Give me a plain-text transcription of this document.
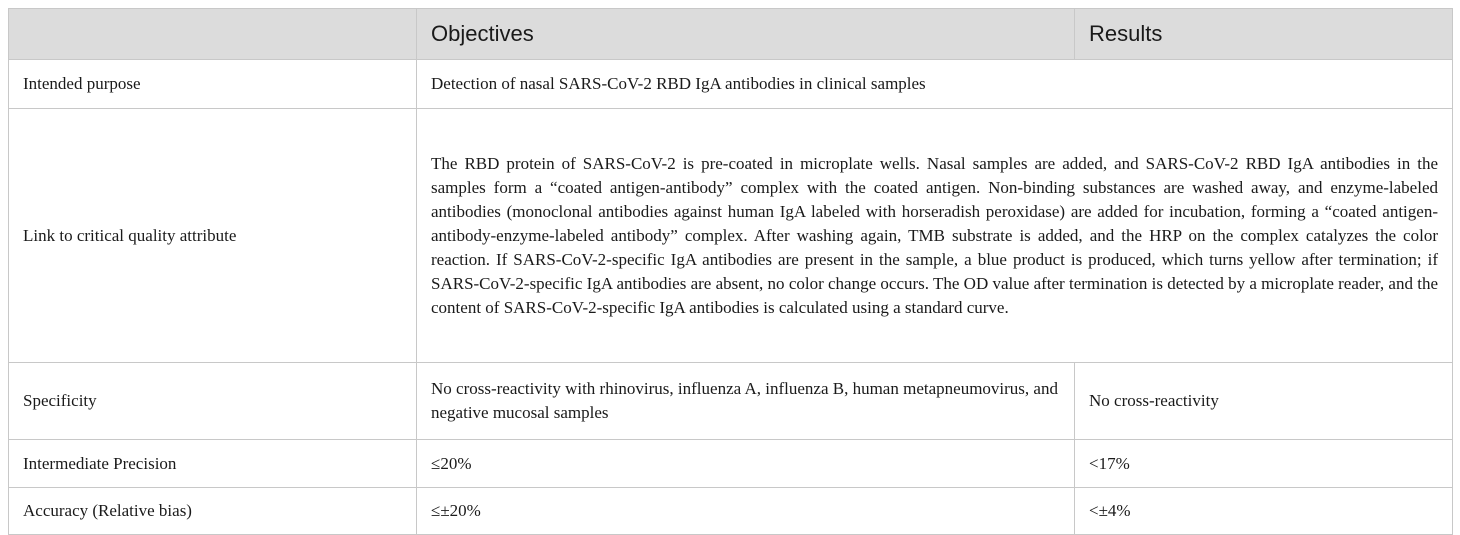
	Objectives	Results
Intended purpose	Detection of nasal SARS-CoV-2 RBD IgA antibodies in clinical samples	
Link to critical quality attribute	The RBD protein of SARS-CoV-2 is pre-coated in microplate wells. Nasal samples are added, and SARS-CoV-2 RBD IgA antibodies in the samples form a “coated antigen-antibody” complex with the coated antigen. Non-binding substances are washed away, and enzyme-labeled antibodies (monoclonal antibodies against human IgA labeled with horseradish peroxidase) are added for incubation, forming a “coated antigen-antibody-enzyme-labeled antibody” complex. After washing again, TMB substrate is added, and the HRP on the complex catalyzes the color reaction. If SARS-CoV-2-specific IgA antibodies are present in the sample, a blue product is produced, which turns yellow after termination; if SARS-CoV-2-specific IgA antibodies are absent, no color change occurs. The OD value after termination is detected by a microplate reader, and the content of SARS-CoV-2-specific IgA antibodies is calculated using a standard curve.	
Specificity	No cross-reactivity with rhinovirus, influenza A, influenza B, human metapneumovirus, and negative mucosal samples	No cross-reactivity
Intermediate Precision	≤20%	<17%
Accuracy (Relative bias)	≤±20%	<±4%
